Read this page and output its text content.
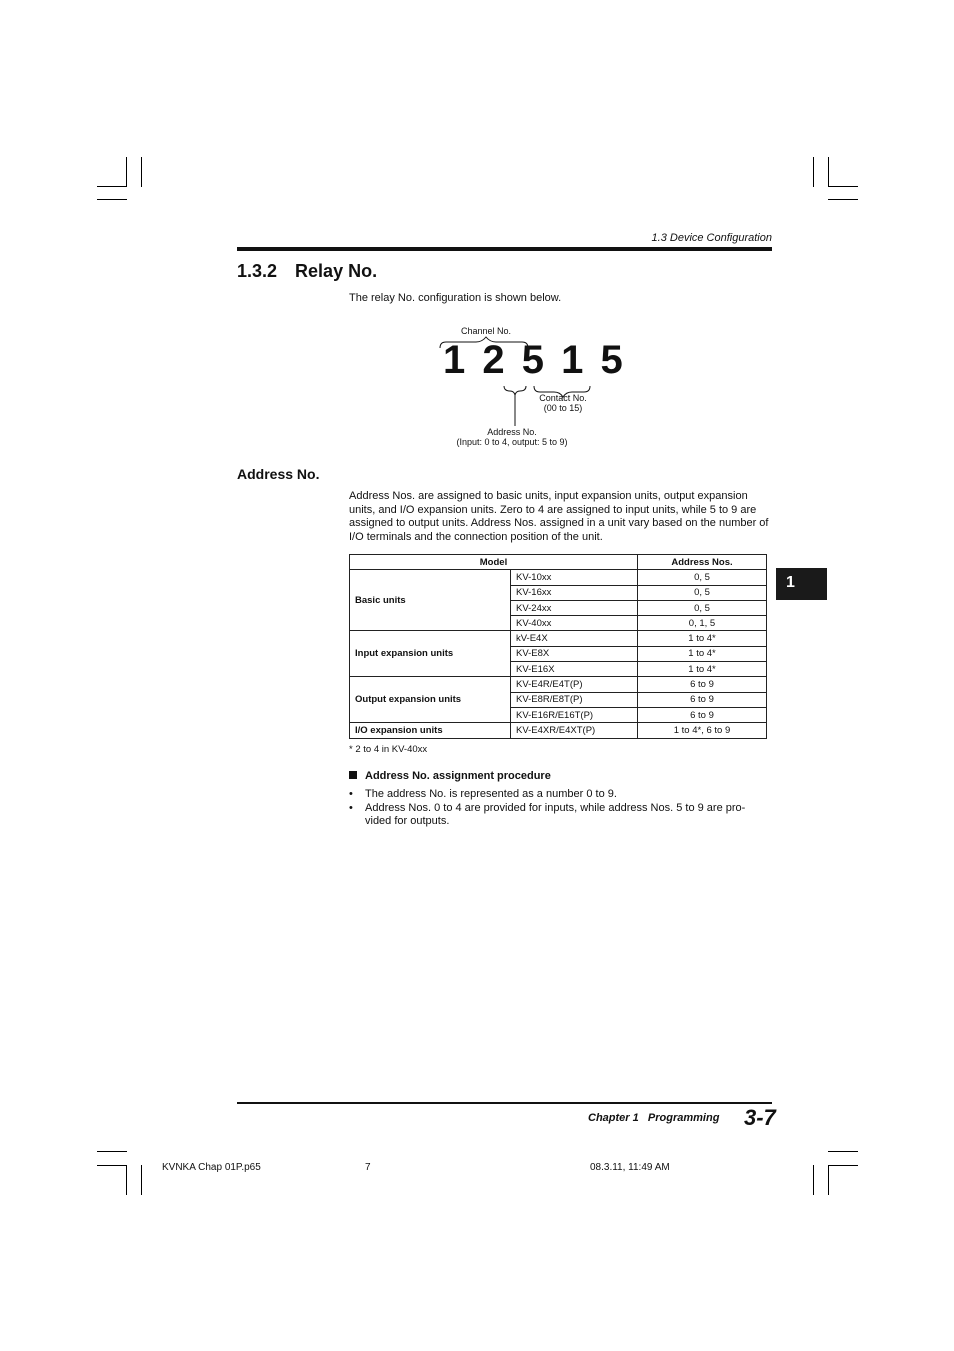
1.3 Device Configuration
1.3.2 Relay No.
The relay No. configuration is shown below.
Channel No.
1 2 5 1 5
Contact No.
(00 to 15)
Address No.
(Input: 0 to 4, output: 5 to 9)
Address No.
Address Nos. are assigned to basic units, input expansion units, output expansion units, and I/O expansion units. Zero to 4 are assigned to input units, while 5 to 9 are assigned to output units. Address Nos. assigned in a unit vary based on the number of I/O terminals and the connection position of the unit.
Model		Address Nos.
Basic units	KV-10xx	0, 5
	KV-16xx	0, 5
	KV-24xx	0, 5
	KV-40xx	0, 1, 5
Input expansion units	kV-E4X	1 to 4*
	KV-E8X	1 to 4*
	KV-E16X	1 to 4*
Output expansion units	KV-E4R/E4T(P)	6 to 9
	KV-E8R/E8T(P)	6 to 9
	KV-E16R/E16T(P)	6 to 9
I/O expansion units	KV-E4XR/E4XT(P)	1 to 4*, 6 to 9
* 2 to 4 in KV-40xx
Address No. assignment procedure
• The address No. is represented as a number 0 to 9.
• Address Nos. 0 to 4 are provided for inputs, while address Nos. 5 to 9 are pro-vided for outputs.
1
Chapter 1   Programming 3-7
KVNKA Chap 01P.p65	7	08.3.11, 11:49 AM
